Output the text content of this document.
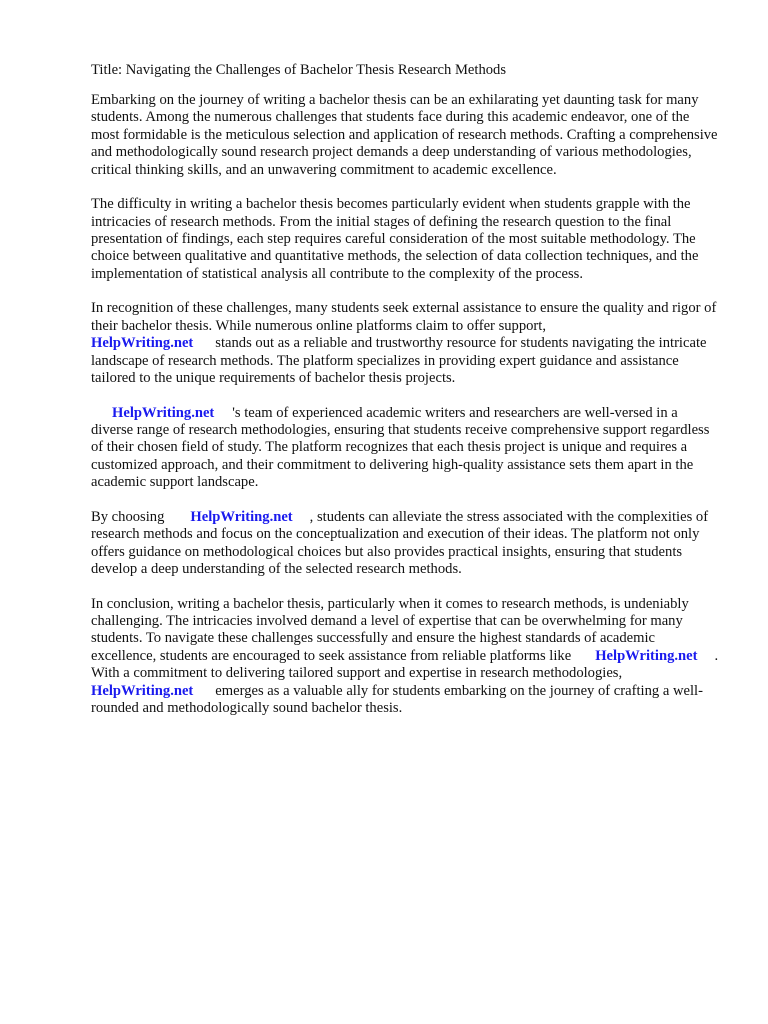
Title: Navigating the Challenges of Bachelor Thesis Research Methods

Embarking on the journey of writing a bachelor thesis can be an exhilarating yet daunting task for many students. Among the numerous challenges that students face during this academic endeavor, one of the most formidable is the meticulous selection and application of research methods. Crafting a comprehensive and methodologically sound research project demands a deep understanding of various methodologies, critical thinking skills, and an unwavering commitment to academic excellence.

The difficulty in writing a bachelor thesis becomes particularly evident when students grapple with the intricacies of research methods. From the initial stages of defining the research question to the final presentation of findings, each step requires careful consideration of the most suitable methodology. The choice between qualitative and quantitative methods, the selection of data collection techniques, and the implementation of statistical analysis all contribute to the complexity of the process.

In recognition of these challenges, many students seek external assistance to ensure the quality and rigor of their bachelor thesis. While numerous online platforms claim to offer support,
HelpWriting.net stands out as a reliable and trustworthy resource for students navigating the intricate landscape of research methods. The platform specializes in providing expert guidance and assistance tailored to the unique requirements of bachelor thesis projects.

HelpWriting.net 's team of experienced academic writers and researchers are well-versed in a diverse range of research methodologies, ensuring that students receive comprehensive support regardless of their chosen field of study. The platform recognizes that each thesis project is unique and requires a customized approach, and their commitment to delivering high-quality assistance sets them apart in the academic support landscape.

By choosing HelpWriting.net , students can alleviate the stress associated with the complexities of research methods and focus on the conceptualization and execution of their ideas. The platform not only offers guidance on methodological choices but also provides practical insights, ensuring that students develop a deep understanding of the selected research methods.

In conclusion, writing a bachelor thesis, particularly when it comes to research methods, is undeniably challenging. The intricacies involved demand a level of expertise that can be overwhelming for many students. To navigate these challenges successfully and ensure the highest standards of academic excellence, students are encouraged to seek assistance from reliable platforms like HelpWriting.net . With a commitment to delivering tailored support and expertise in research methodologies,HelpWriting.net emerges as a valuable ally for students embarking on the journey of crafting a well-rounded and methodologically sound bachelor thesis.
